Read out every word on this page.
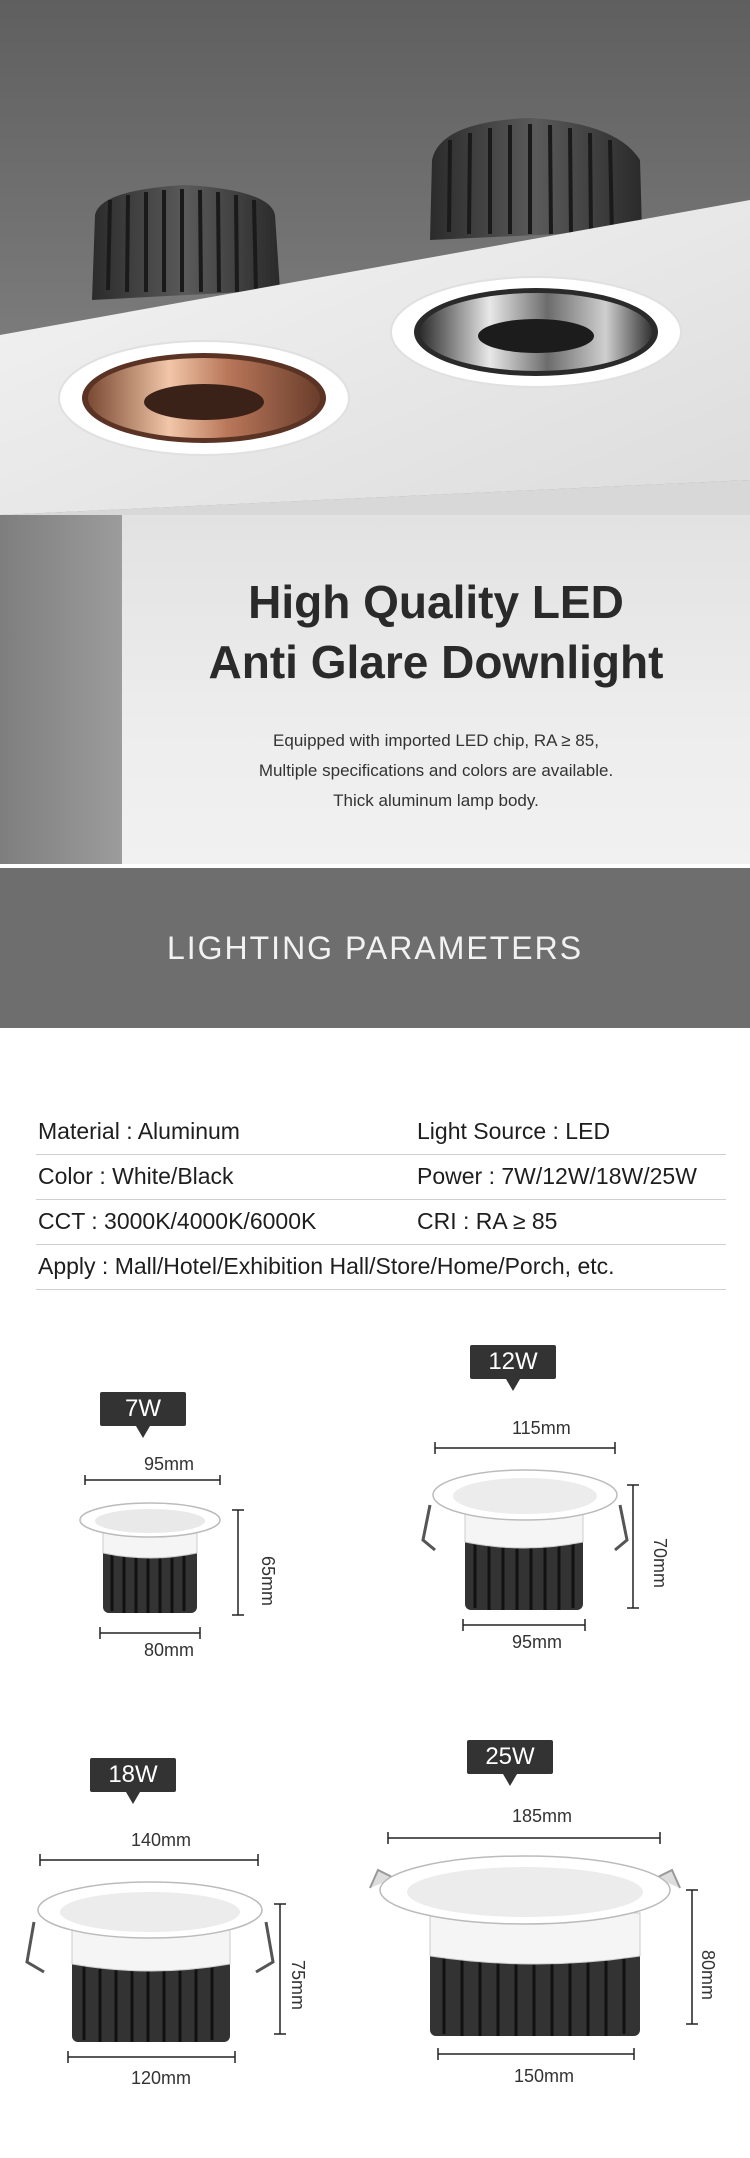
High Quality LED
Anti Glare Downlight
Equipped with imported LED chip, RA ≥ 85,
Multiple specifications and colors are available.
Thick aluminum lamp body.
LIGHTING PARAMETERS
Material : Aluminum	Light Source : LED
Color : White/Black	Power : 7W/12W/18W/25W
CCT : 3000K/4000K/6000K	CRI : RA ≥ 85
Apply : Mall/Hotel/Exhibition Hall/Store/Home/Porch, etc.
7W
95mm
80mm
65mm
12W
115mm
95mm
70mm
18W
140mm
120mm
75mm
25W
185mm
150mm
80mm
